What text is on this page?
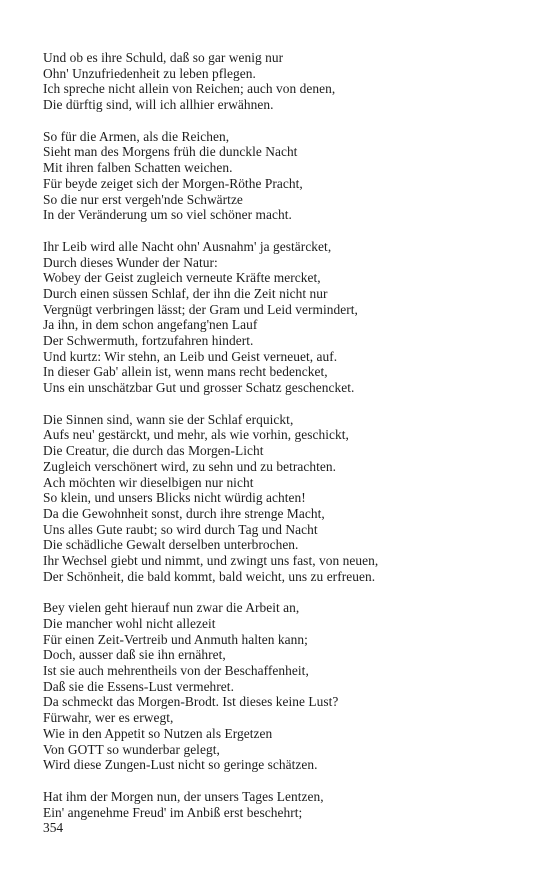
Und ob es ihre Schuld, daß so gar wenig nur
Ohn' Unzufriedenheit zu leben pflegen.
Ich spreche nicht allein von Reichen; auch von denen,
Die dürftig sind, will ich allhier erwähnen.
So für die Armen, als die Reichen,
Sieht man des Morgens früh die dunckle Nacht
Mit ihren falben Schatten weichen.
Für beyde zeiget sich der Morgen-Röthe Pracht,
So die nur erst vergeh'nde Schwärtze
In der Veränderung um so viel schöner macht.
Ihr Leib wird alle Nacht ohn' Ausnahm' ja gestärcket,
Durch dieses Wunder der Natur:
Wobey der Geist zugleich verneute Kräfte mercket,
Durch einen süssen Schlaf, der ihn die Zeit nicht nur
Vergnügt verbringen lässt; der Gram und Leid vermindert,
Ja ihn, in dem schon angefang'nen Lauf
Der Schwermuth, fortzufahren hindert.
Und kurtz: Wir stehn, an Leib und Geist verneuet, auf.
In dieser Gab' allein ist, wenn mans recht bedencket,
Uns ein unschätzbar Gut und grosser Schatz geschencket.
Die Sinnen sind, wann sie der Schlaf erquickt,
Aufs neu' gestärckt, und mehr, als wie vorhin, geschickt,
Die Creatur, die durch das Morgen-Licht
Zugleich verschönert wird, zu sehn und zu betrachten.
Ach möchten wir dieselbigen nur nicht
So klein, und unsers Blicks nicht würdig achten!
Da die Gewohnheit sonst, durch ihre strenge Macht,
Uns alles Gute raubt; so wird durch Tag und Nacht
Die schädliche Gewalt derselben unterbrochen.
Ihr Wechsel giebt und nimmt, und zwingt uns fast, von neuen,
Der Schönheit, die bald kommt, bald weicht, uns zu erfreuen.
Bey vielen geht hierauf nun zwar die Arbeit an,
Die mancher wohl nicht allezeit
Für einen Zeit-Vertreib und Anmuth halten kann;
Doch, ausser daß sie ihn ernähret,
Ist sie auch mehrentheils von der Beschaffenheit,
Daß sie die Essens-Lust vermehret.
Da schmeckt das Morgen-Brodt. Ist dieses keine Lust?
Fürwahr, wer es erwegt,
Wie in den Appetit so Nutzen als Ergetzen
Von GOTT so wunderbar gelegt,
Wird diese Zungen-Lust nicht so geringe schätzen.
Hat ihm der Morgen nun, der unsers Tages Lentzen,
Ein' angenehme Freud' im Anbiß erst beschehrt;
354
